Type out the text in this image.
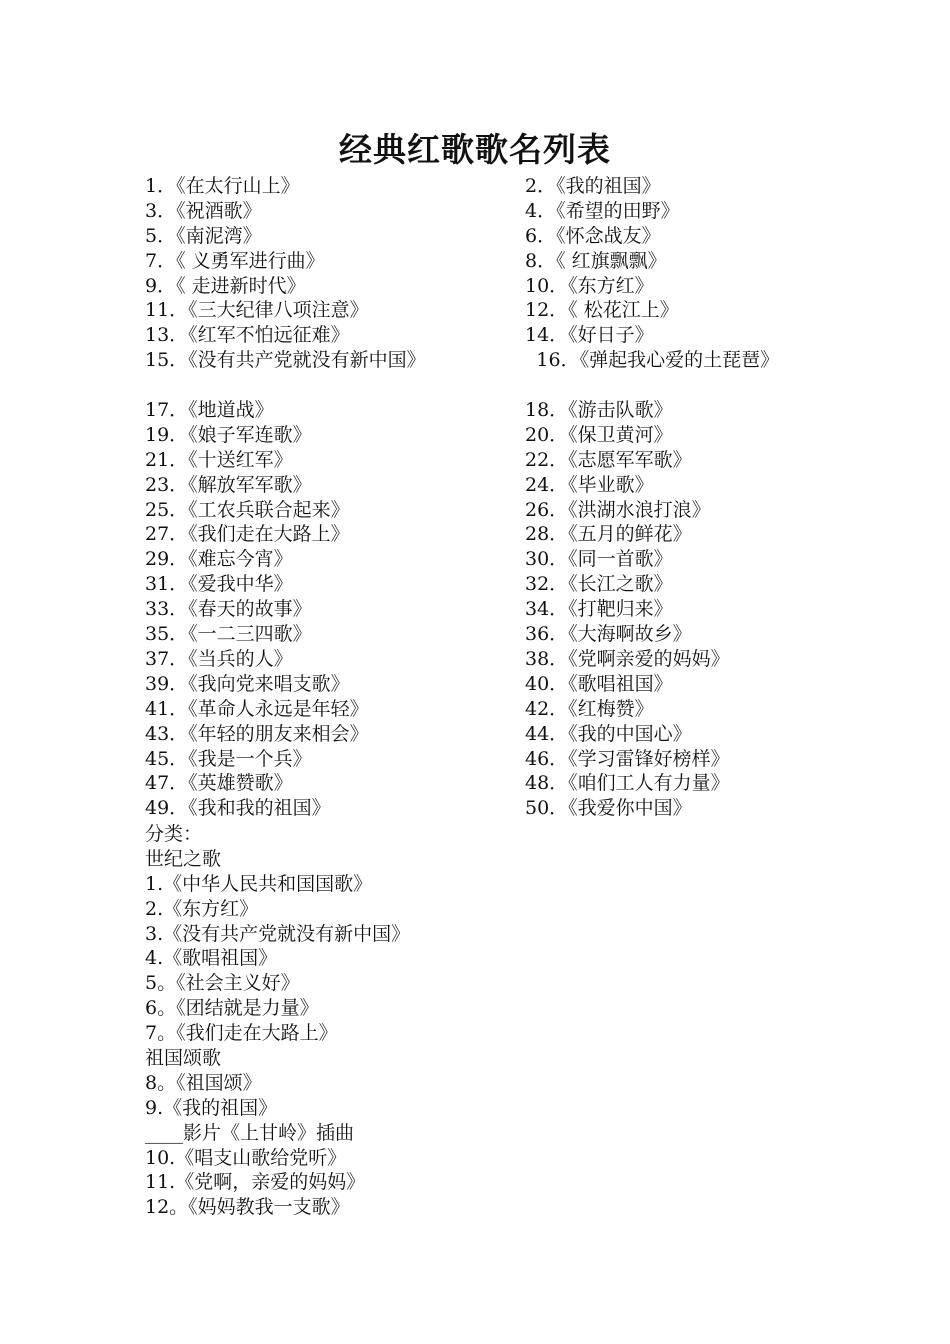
经典红歌歌名列表
1．《在太行山上》	2．《我的祖国》
3．《祝酒歌》	4．《希望的田野》
5．《南泥湾》	6．《怀念战友》
7．《 义勇军进行曲》	8．《 红旗飘飘》
9．《 走进新时代》	10．《东方红》
11．《三大纪律八项注意》	12．《 松花江上》
13．《红军不怕远征难》	14．《好日子》
15．《没有共产党就没有新中国》	16．《弹起我心爱的土琵琶》
17．《地道战》	18．《游击队歌》
19．《娘子军连歌》	20．《保卫黄河》
21．《十送红军》	22．《志愿军军歌》
23．《解放军军歌》	24．《毕业歌》
25．《工农兵联合起来》	26．《洪湖水浪打浪》
27．《我们走在大路上》	28．《五月的鲜花》
29．《难忘今宵》	30．《同一首歌》
31．《爱我中华》	32．《长江之歌》
33．《春天的故事》	34．《打靶归来》
35．《一二三四歌》	36．《大海啊故乡》
37．《当兵的人》	38．《党啊亲爱的妈妈》
39．《我向党来唱支歌》	40．《歌唱祖国》
41．《革命人永远是年轻》	42．《红梅赞》
43．《年轻的朋友来相会》	44．《我的中国心》
45．《我是一个兵》	46．《学习雷锋好榜样》
47．《英雄赞歌》	48．《咱们工人有力量》
49．《我和我的祖国》	50．《我爱你中国》
分类：
世纪之歌
1.《中华人民共和国国歌》
2.《东方红》
3.《没有共产党就没有新中国》
4.《歌唱祖国》
5。《社会主义好》
6。《团结就是力量》
7。《我们走在大路上》
祖国颂歌
8。《祖国颂》
9.《我的祖国》
____影片《上甘岭》插曲
10.《唱支山歌给党听》
11.《党啊，亲爱的妈妈》
12。《妈妈教我一支歌》
